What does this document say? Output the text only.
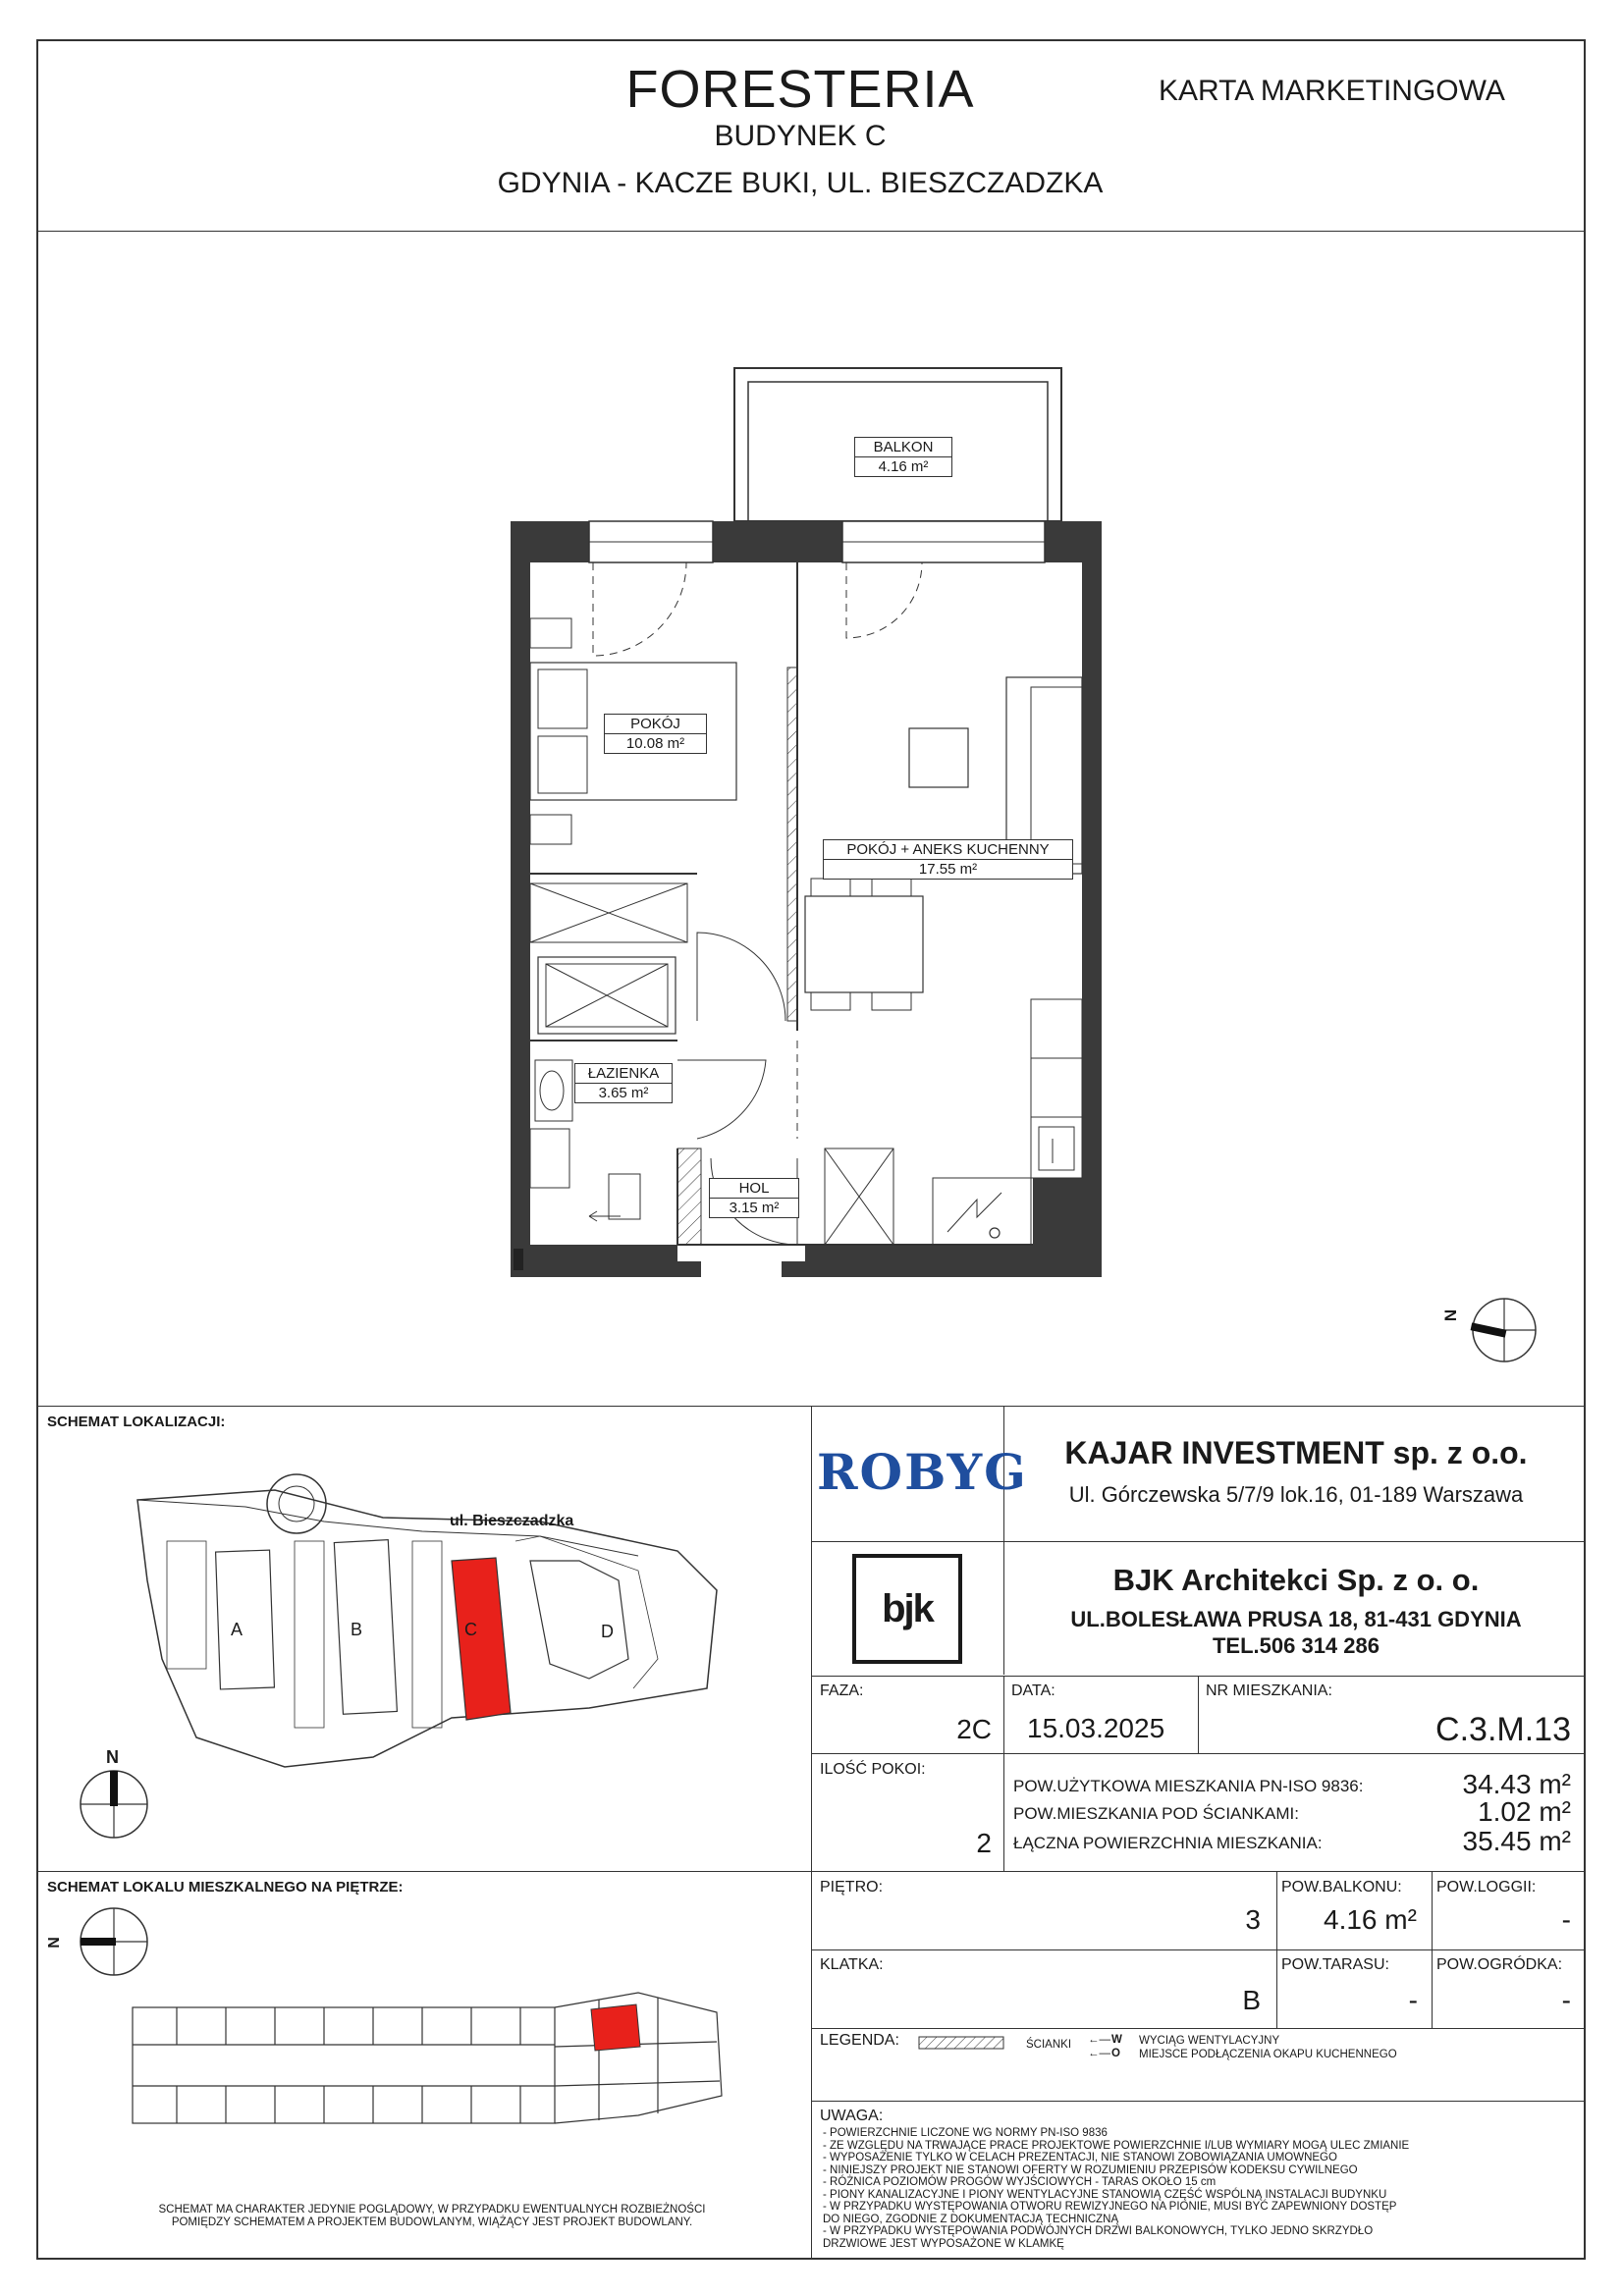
FORESTERIA
BUDYNEK C
GDYNIA - KACZE BUKI, UL. BIESZCZADZKA
KARTA MARKETINGOWA
BALKON
4.16 m²
POKÓJ
10.08 m²
POKÓJ + ANEKS KUCHENNY
17.55 m²
ŁAZIENKA
3.65 m²
HOL
3.15 m²
N
SCHEMAT LOKALIZACJI:
ul. Bieszczadzka
A	B	C	D
N
SCHEMAT LOKALU MIESZKALNEGO NA PIĘTRZE:
N
SCHEMAT MA CHARAKTER JEDYNIE POGLĄDOWY, W PRZYPADKU EWENTUALNYCH ROZBIEŻNOŚCI POMIĘDZY SCHEMATEM A PROJEKTEM BUDOWLANYM, WIĄŻĄCY JEST PROJEKT BUDOWLANY.
ROBYG	KAJAR INVESTMENT sp. z o.o.
Ul. Górczewska 5/7/9 lok.16, 01-189 Warszawa
bjk
BJK Architekci Sp. z o. o.
UL.BOLESŁAWA PRUSA 18, 81-431 GDYNIA
TEL.506 314 286
FAZA:
2C
DATA:
15.03.2025
NR MIESZKANIA:
C.3.M.13
ILOŚĆ POKOI:
2
POW.UŻYTKOWA MIESZKANIA PN-ISO 9836:	34.43 m²
POW.MIESZKANIA POD ŚCIANKAMI:	1.02 m²
ŁĄCZNA POWIERZCHNIA MIESZKANIA:	35.45 m²
PIĘTRO:
3
POW.BALKONU:
4.16 m²
POW.LOGGII:
-
KLATKA:
B
POW.TARASU:
-
POW.OGRÓDKA:
-
LEGENDA:	ŚCIANKI ←— W WYCIĄG WENTYLACYJNY
←— O MIEJSCE PODŁĄCZENIA OKAPU KUCHENNEGO
UWAGA:
- POWIERZCHNIE LICZONE WG NORMY PN-ISO 9836
- ZE WZGLĘDU NA TRWAJĄCE PRACE PROJEKTOWE POWIERZCHNIE I/LUB WYMIARY MOGĄ ULEC ZMIANIE
- WYPOSAŻENIE TYLKO W CELACH PREZENTACJI, NIE STANOWI ZOBOWIĄZANIA UMOWNEGO
- NINIEJSZY PROJEKT NIE STANOWI OFERTY W ROZUMIENIU PRZEPISÓW KODEKSU CYWILNEGO
- RÓŻNICA POZIOMÓW PROGÓW WYJŚCIOWYCH - TARAS OKOŁO 15 cm
- PIONY KANALIZACYJNE I PIONY WENTYLACYJNE STANOWIĄ CZĘŚĆ WSPÓLNĄ INSTALACJI BUDYNKU
- W PRZYPADKU WYSTĘPOWANIA OTWORU REWIZYJNEGO NA PIONIE, MUSI BYĆ ZAPEWNIONY DOSTĘP DO NIEGO, ZGODNIE Z DOKUMENTACJĄ TECHNICZNĄ
- W PRZYPADKU WYSTĘPOWANIA PODWÓJNYCH DRZWI BALKONOWYCH, TYLKO JEDNO SKRZYDŁO DRZWIOWE JEST WYPOSAŻONE W KLAMKĘ
